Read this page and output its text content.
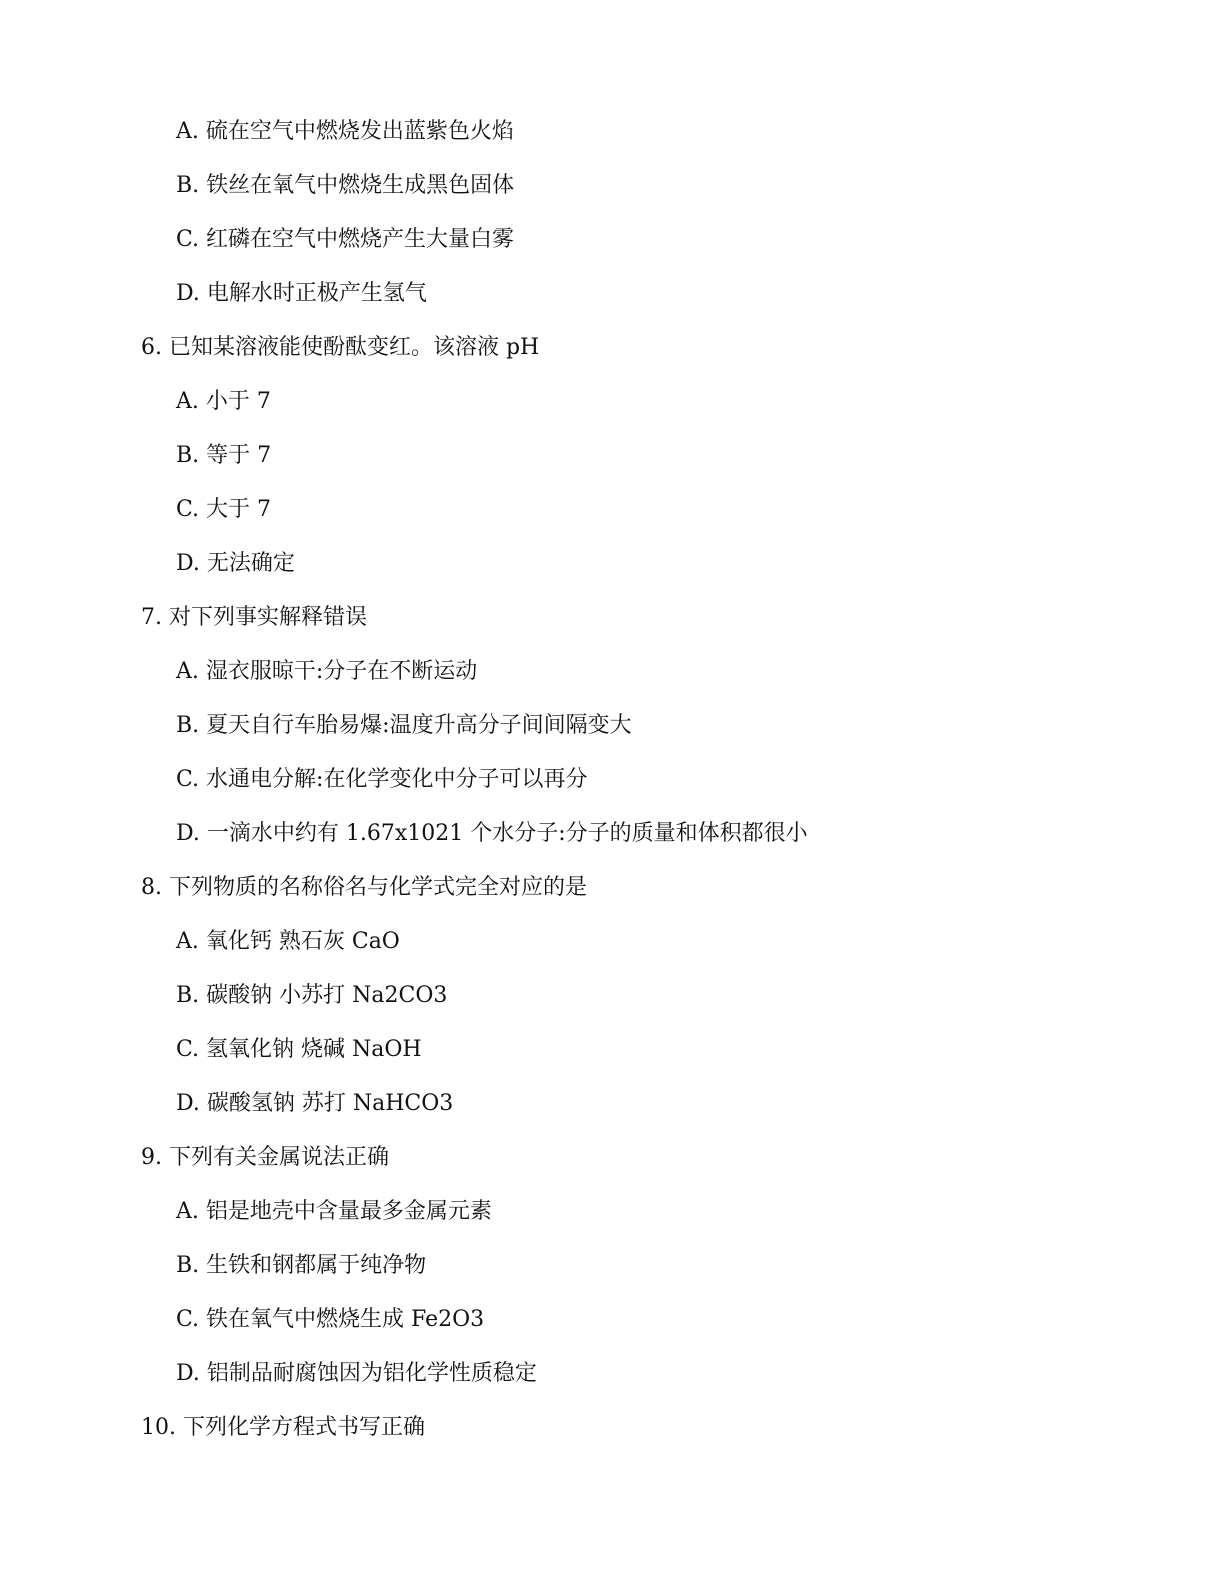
A. 硫在空气中燃烧发出蓝紫色火焰
B. 铁丝在氧气中燃烧生成黑色固体
C. 红磷在空气中燃烧产生大量白雾
D. 电解水时正极产生氢气
6. 已知某溶液能使酚酞变红。该溶液 pH
A. 小于 7
B. 等于 7
C. 大于 7
D. 无法确定
7. 对下列事实解释错误
A. 湿衣服晾干:分子在不断运动
B. 夏天自行车胎易爆:温度升高分子间间隔变大
C. 水通电分解:在化学变化中分子可以再分
D. 一滴水中约有 1.67x1021 个水分子:分子的质量和体积都很小
8. 下列物质的名称俗名与化学式完全对应的是
A. 氧化钙 熟石灰 CaO
B. 碳酸钠 小苏打 Na2CO3
C. 氢氧化钠 烧碱 NaOH
D. 碳酸氢钠 苏打 NaHCO3
9. 下列有关金属说法正确
A. 铝是地壳中含量最多金属元素
B. 生铁和钢都属于纯净物
C. 铁在氧气中燃烧生成 Fe2O3
D. 铝制品耐腐蚀因为铝化学性质稳定
10. 下列化学方程式书写正确
